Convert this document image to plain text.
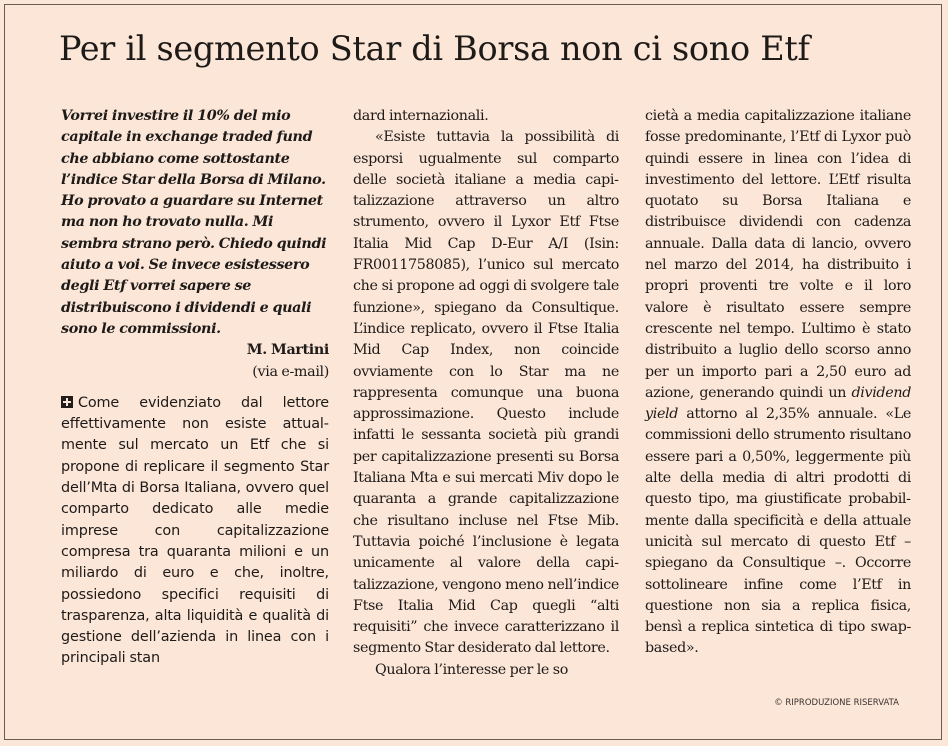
Per il segmento Star di Borsa non ci sono Etf

Vorrei investire il 10% del mio capitale in exchange traded fund che abbiano come sottostante l’indice Star della Borsa di Milano.
Ho provato a guardare su Internet ma non ho trovato nulla. Mi sembra strano però. Chiedo quindi aiuto a voi. Se invece esistessero degli Etf vorrei sapere se distribuiscono i dividendi e quali sono le commissioni.

M. Martini
(via e-mail)

Come evidenziato dal lettore effettivamente non esiste attualmente sul mercato un Etf che si propone di replicare il segmento Star dell’Mta di Borsa Italiana, ovvero quel comparto dedicato alle medie imprese con capitalizzazione compresa tra quaranta milioni e un miliardo di euro e che, inoltre, possiedono specifici requisiti di trasparenza, alta liquidità e qualità di gestione dell’azienda in linea con i principali stan

dard internazionali.

«Esiste tuttavia la possibilità di esporsi ugualmente sul comparto delle società italiane a media capitalizzazione attraverso un altro strumento, ovvero il Lyxor Etf Ftse Italia Mid Cap D-Eur A/I (Isin: FR0011758085), l’unico sul mercato che si propone ad oggi di svolgere tale funzione», spiegano da Consultique. L’indice replicato, ovvero il Ftse Italia Mid Cap Index, non coincide ovviamente con lo Star ma ne rappresenta comunque una buona approssimazione. Questo include infatti le sessanta società più grandi per capitalizzazione presenti su Borsa Italiana Mta e sui mercati Miv dopo le quaranta a grande capitalizzazione che risultano incluse nel Ftse Mib. Tuttavia poiché l’inclusione è legata unicamente al valore della capitalizzazione, vengono meno nell’indice Ftse Italia Mid Cap quegli “alti requisiti” che invece caratterizzano il segmento Star desiderato dal lettore.

Qualora l’interesse per le so

cietà a media capitalizzazione italiane fosse predominante, l’Etf di Lyxor può quindi essere in linea con l’idea di investimento del lettore. L’Etf risulta quotato su Borsa Italiana e distribuisce dividendi con cadenza annuale. Dalla data di lancio, ovvero nel marzo del 2014, ha distribuito i propri proventi tre volte e il loro valore è risultato essere sempre crescente nel tempo. L’ultimo è stato distribuito a luglio dello scorso anno per un importo pari a 2,50 euro ad azione, generando quindi un dividend yield attorno al 2,35% annuale. «Le commissioni dello strumento risultano essere pari a 0,50%, leggermente più alte della media di altri prodotti di questo tipo, ma giustificate probabilmente dalla specificità e della attuale unicità sul mercato di questo Etf – spiegano da Consultique –. Occorre sottolineare infine come l’Etf in questione non sia a replica fisica, bensì a replica sintetica di tipo swap-based».

© RIPRODUZIONE RISERVATA
